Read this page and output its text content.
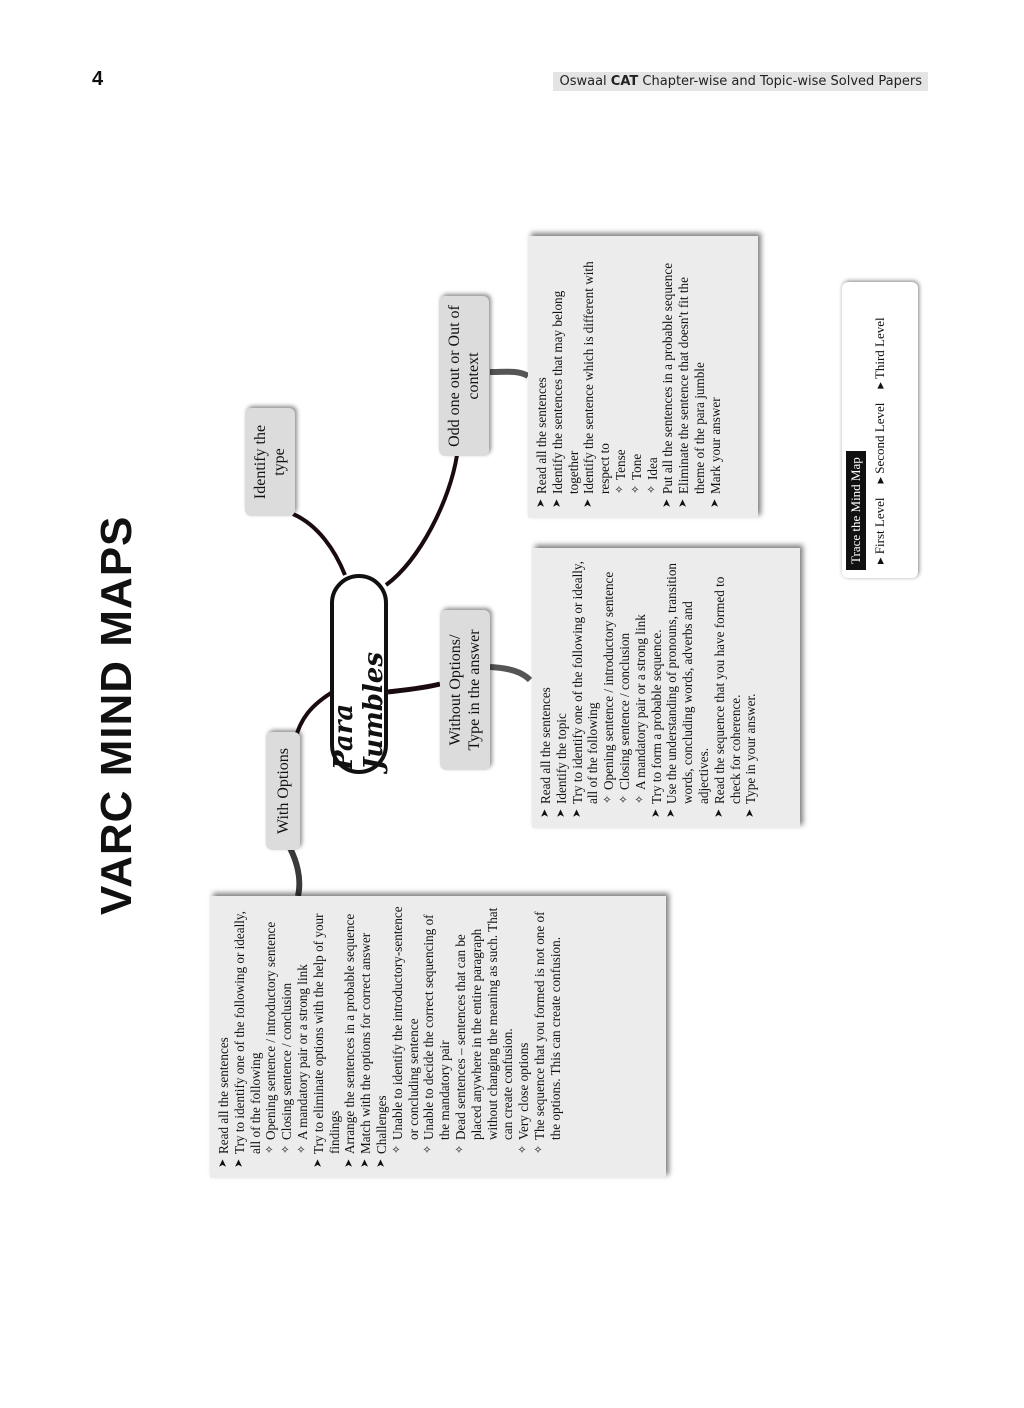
4	Oswaal CAT Chapter-wise and Topic-wise Solved Papers
VARC MIND MAPS	Para Jumbles
With Options
Identify the type
Without Options/ Type in the answer
Odd one out or Out of context
➤ Read all the sentences ➤ Try to identify one of the following or ideally, all of the following ✧ Opening sentence / introductory sentence ✧ Closing sentence / conclusion ✧ A mandatory pair or a strong link ➤ Try to eliminate options with the help of your findings ➤ Arrange the sentences in a probable sequence ➤ Match with the options for correct answer ➤ Challenges ✧ Unable to identify the introductory-sentence or concluding sentence ✧ Unable to decide the correct sequencing of the mandatory pair ✧ Dead sentences – sentences that can be placed anywhere in the entire paragraph without changing the meaning as such. That can create confusion. ✧ Very close options ✧ The sequence that you formed is not one of the options. This can create confusion.
➤ Read all the sentences ➤ Identify the topic ➤ Try to identify one of the following or ideally, all of the following ✧ Opening sentence / introductory sentence ✧ Closing sentence / conclusion ✧ A mandatory pair or a strong link ➤ Try to form a probable sequence. ➤ Use the understanding of pronouns, transition words, concluding words, adverbs and adjectives. ➤ Read the sequence that you have formed to check for coherence. ➤ Type in your answer.
➤ Read all the sentences ➤ Identify the sentences that may belong together ➤ Identify the sentence which is different with respect to ✧ Tense ✧ Tone ✧ Idea ➤ Put all the sentences in a probable sequence ➤ Eliminate the sentence that doesn't fit the theme of the para jumble ➤ Mark your answer
Trace the Mind Map ▸ First Level
▸ Second Level
▸ Third Level
